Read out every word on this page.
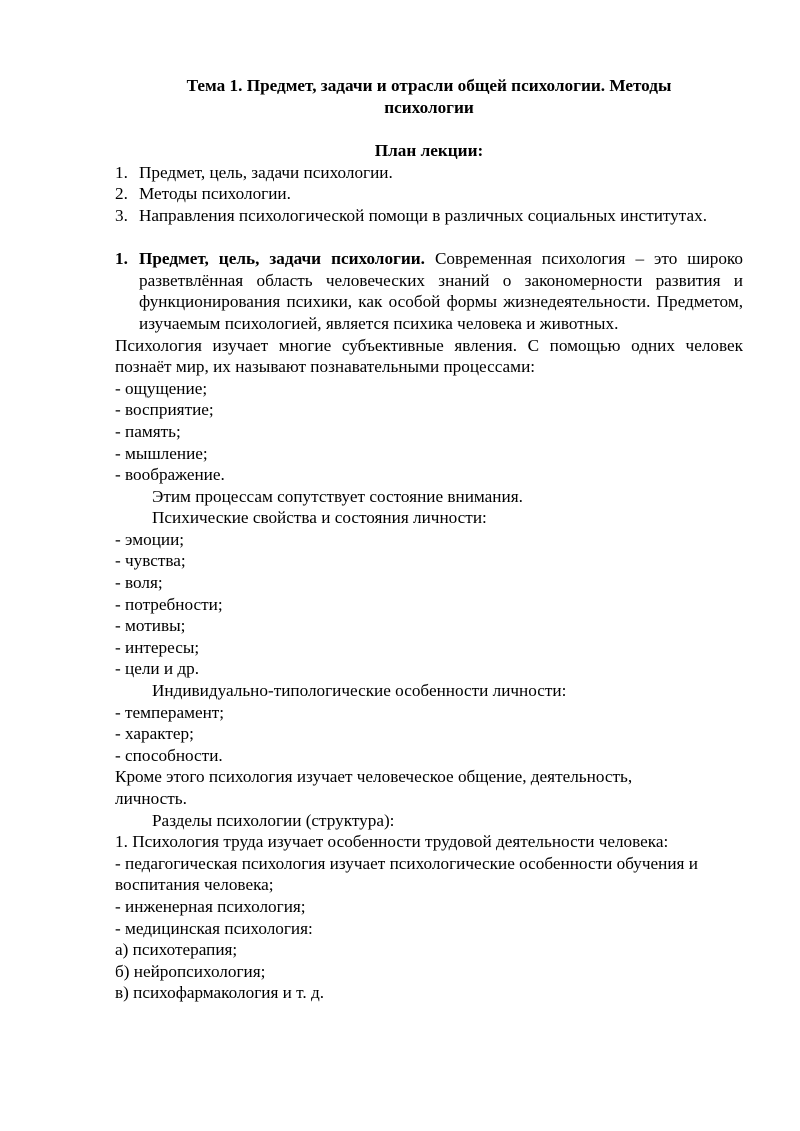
Тема 1. Предмет, задачи и отрасли общей психологии. Методы психологии

План лекции:

1. Предмет, цель, задачи психологии.
2. Методы психологии.
3. Направления психологической помощи в различных социальных институтах.
1. Предмет, цель, задачи психологии. Современная психология – это широко разветвлённая область человеческих знаний о закономерности развития и функционирования психики, как особой формы жизнедеятельности. Предметом, изучаемым психологией, является психика человека и животных.

Психология изучает многие субъективные явления. С помощью одних человек познаёт мир, их называют познавательными процессами:

- ощущение;
- восприятие;
- память;
- мышление;
- воображение.

Этим процессам сопутствует состояние внимания.

Психические свойства и состояния личности:

- эмоции;
- чувства;
- воля;
- потребности;
- мотивы;
- интересы;
- цели и др.

Индивидуально-типологические особенности личности:

- темперамент;
- характер;
- способности.

Кроме этого психология изучает человеческое общение, деятельность, личность.

Разделы психологии (структура):

1. Психология труда изучает особенности трудовой деятельности человека:

- педагогическая психология изучает психологические особенности обучения и воспитания человека;

- инженерная психология;

- медицинская психология:

а) психотерапия;

б) нейропсихология;

в) психофармакология и т. д.
